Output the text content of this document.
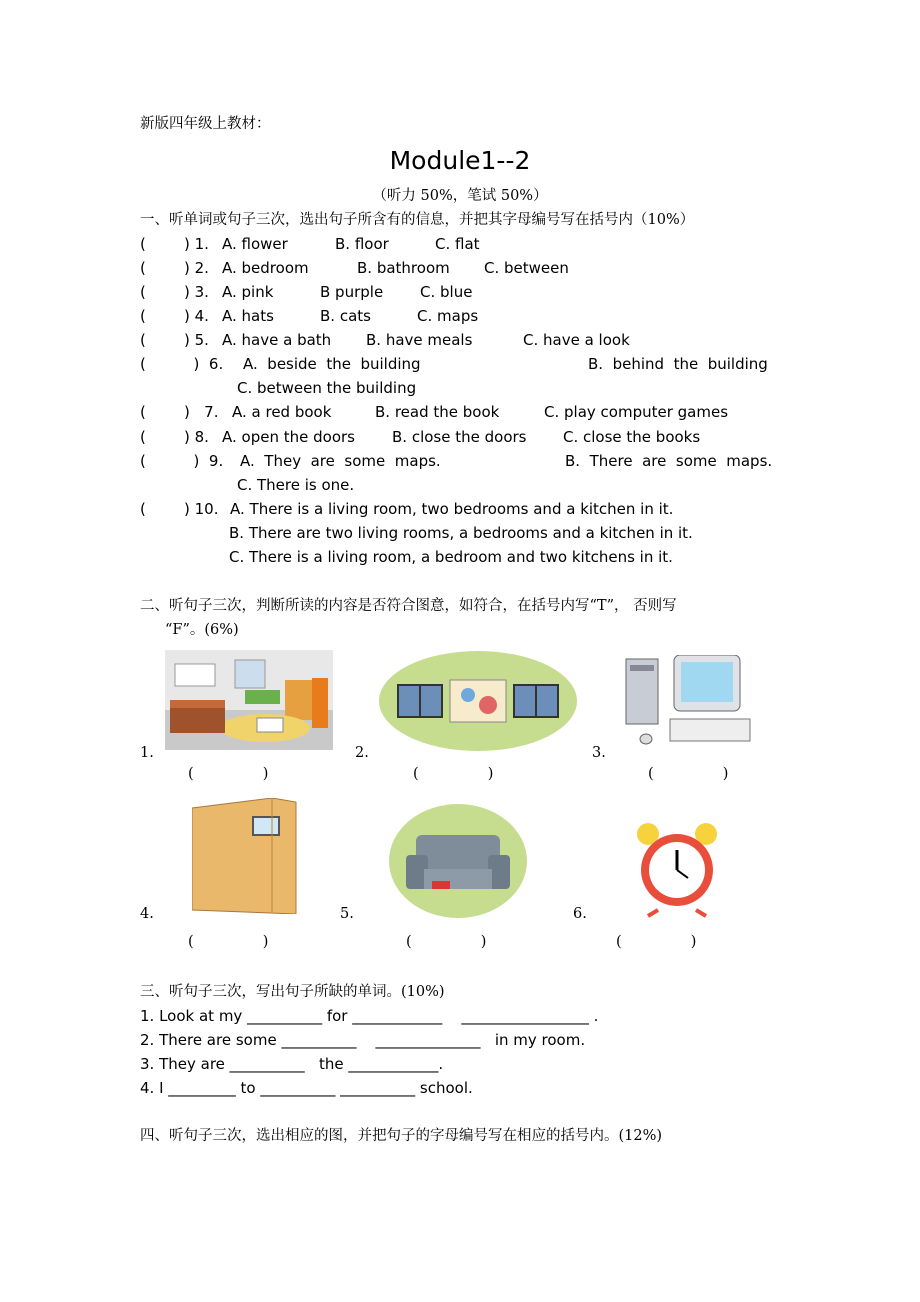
新版四年级上教材：
Module1--2
（听力 50%，笔试 50%）
一、听单词或句子三次，选出句子所含有的信息，并把其字母编号写在括号内（10%）
(        ) 1. A. flower	B. floor	C. flat
(        ) 2. A. bedroom	B. bathroom C. between
(        ) 3. A. pink	B purple C. blue
(        ) 4. A. hats	B. cats	C. maps
(        ) 5. A. have a bath B. have meals	C. have a look
(          )  6. A.  beside  the  building	B.  behind  the  building
C. between the building
(        )   7. A. a red book	B. read the book	C. play computer games
(        ) 8. A. open the doors B. close the doors C. close the books
(          )  9. A.  They  are  some  maps.	B.  There  are  some  maps.
C. There is one.
(        ) 10. A. There is a living room, two bedrooms and a kitchen in it.
B. There are two living rooms, a bedrooms and a kitchen in it.
C. There is a living room, a bedroom and two kitchens in it.
二、听句子三次，判断所读的内容是否符合图意，如符合，在括号内写“T”， 否则写
“F”。(6%)
1.	2.	3.
(               )	(               )	(               )
4.	5.	6.
(               )	(               )	(               )
三、听句子三次，写出句子所缺的单词。(10%)
1. Look at my __________ for ____________    _________________ .
2. There are some __________    ______________   in my room.
3. They are __________   the ____________.
4. I _________ to __________ __________ school.
四、听句子三次，选出相应的图，并把句子的字母编号写在相应的括号内。(12%)
